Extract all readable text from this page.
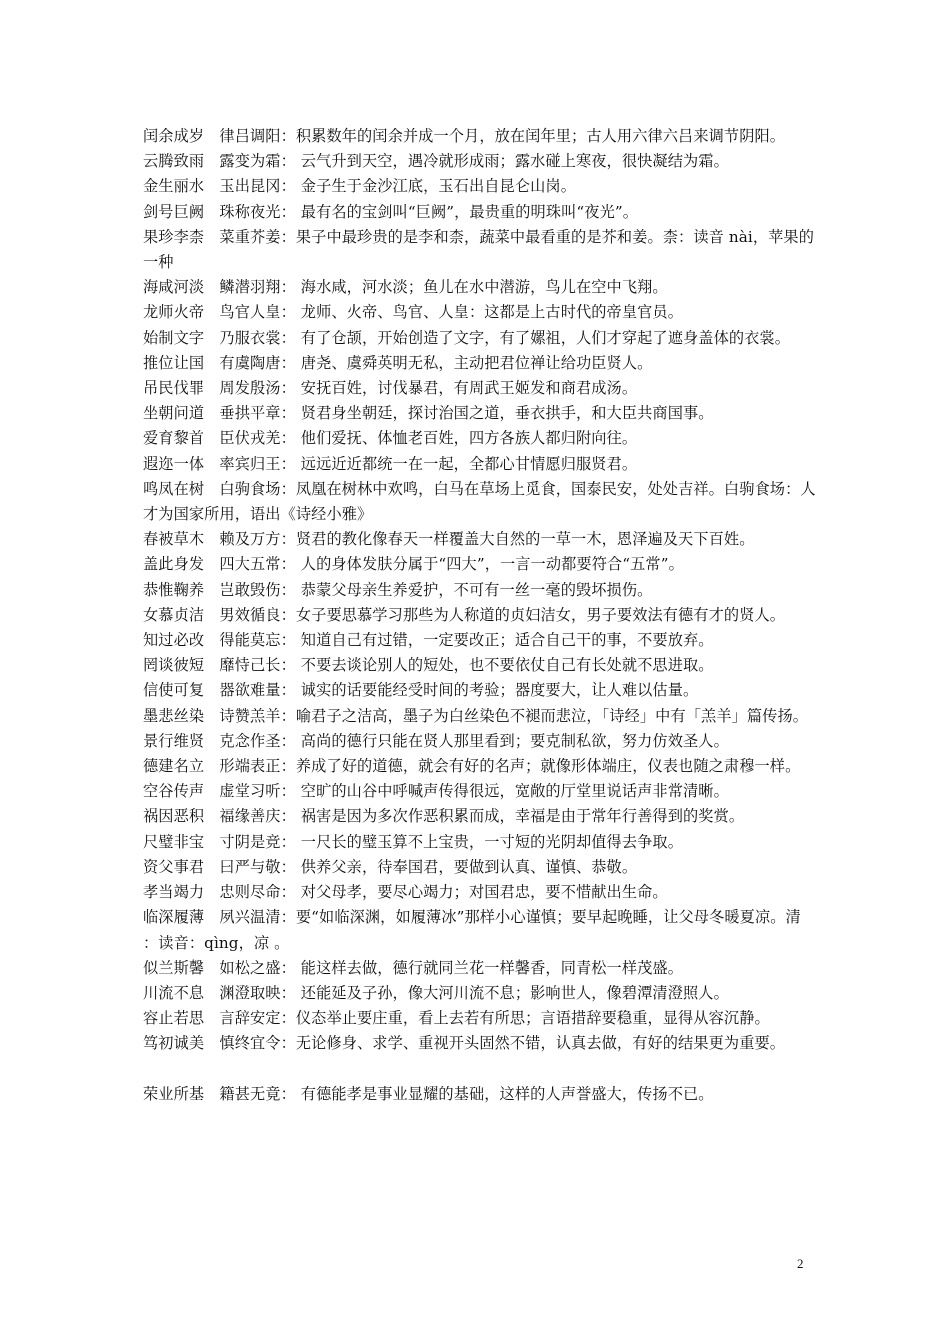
闰余成岁　律吕调阳：积累数年的闰余并成一个月，放在闰年里；古人用六律六吕来调节阴阳。

云腾致雨　露变为霜： 云气升到天空，遇冷就形成雨；露水碰上寒夜，很快凝结为霜。

金生丽水　玉出昆冈： 金子生于金沙江底，玉石出自昆仑山岗。

剑号巨阙　珠称夜光： 最有名的宝剑叫“巨阙”，最贵重的明珠叫“夜光”。

果珍李柰　菜重芥姜：果子中最珍贵的是李和柰，蔬菜中最看重的是芥和姜。柰：读音 nài，苹果的一种

海咸河淡　鳞潜羽翔： 海水咸，河水淡；鱼儿在水中潜游，鸟儿在空中飞翔。

龙师火帝　鸟官人皇： 龙师、火帝、鸟官、人皇：这都是上古时代的帝皇官员。

始制文字　乃服衣裳： 有了仓颉，开始创造了文字，有了嫘祖，人们才穿起了遮身盖体的衣裳。

推位让国　有虞陶唐： 唐尧、虞舜英明无私，主动把君位禅让给功臣贤人。

吊民伐罪　周发殷汤： 安抚百姓，讨伐暴君，有周武王姬发和商君成汤。

坐朝问道　垂拱平章： 贤君身坐朝廷，探讨治国之道，垂衣拱手，和大臣共商国事。

爱育黎首　臣伏戎羌： 他们爱抚、体恤老百姓，四方各族人都归附向往。

遐迩一体　率宾归王： 远远近近都统一在一起，全都心甘情愿归服贤君。

鸣凤在树　白驹食场：凤凰在树林中欢鸣，白马在草场上觅食，国泰民安，处处吉祥。白驹食场：人才为国家所用，语出《诗经小雅》

春被草木　赖及万方：贤君的教化像春天一样覆盖大自然的一草一木，恩泽遍及天下百姓。

盖此身发　四大五常： 人的身体发肤分属于“四大”，一言一动都要符合“五常”。

恭惟鞠养　岂敢毁伤： 恭蒙父母亲生养爱护，不可有一丝一毫的毁坏损伤。

女慕贞洁　男效循良：女子要思慕学习那些为人称道的贞妇洁女，男子要效法有德有才的贤人。

知过必改　得能莫忘： 知道自己有过错，一定要改正；适合自己干的事，不要放弃。

罔谈彼短　靡恃己长： 不要去谈论别人的短处，也不要依仗自己有长处就不思进取。

信使可复　器欲难量： 诚实的话要能经受时间的考验；器度要大，让人难以估量。

墨悲丝染　诗赞羔羊：喻君子之洁高，墨子为白丝染色不褪而悲泣，「诗经」中有「羔羊」篇传扬。

景行维贤　克念作圣： 高尚的德行只能在贤人那里看到；要克制私欲，努力仿效圣人。

德建名立　形端表正：养成了好的道德，就会有好的名声；就像形体端庄，仪表也随之肃穆一样。

空谷传声　虚堂习听： 空旷的山谷中呼喊声传得很远，宽敞的厅堂里说话声非常清晰。

祸因恶积　福缘善庆： 祸害是因为多次作恶积累而成，幸福是由于常年行善得到的奖赏。

尺璧非宝　寸阴是竞： 一尺长的璧玉算不上宝贵，一寸短的光阴却值得去争取。

资父事君　曰严与敬： 供养父亲，待奉国君，要做到认真、谨慎、恭敬。

孝当竭力　忠则尽命： 对父母孝，要尽心竭力；对国君忠，要不惜献出生命。

临深履薄　夙兴温清：要“如临深渊，如履薄冰”那样小心谨慎；要早起晚睡，让父母冬暖夏凉。清 ：读音：qìng，凉 。

似兰斯馨　如松之盛： 能这样去做，德行就同兰花一样馨香，同青松一样茂盛。

川流不息　渊澄取映： 还能延及子孙，像大河川流不息；影响世人，像碧潭清澄照人。

容止若思　言辞安定：仪态举止要庄重，看上去若有所思；言语措辞要稳重，显得从容沉静。

笃初诚美　慎终宜令：无论修身、求学、重视开头固然不错，认真去做，有好的结果更为重要。

荣业所基　籍甚无竟： 有德能孝是事业显耀的基础，这样的人声誉盛大，传扬不已。

2
